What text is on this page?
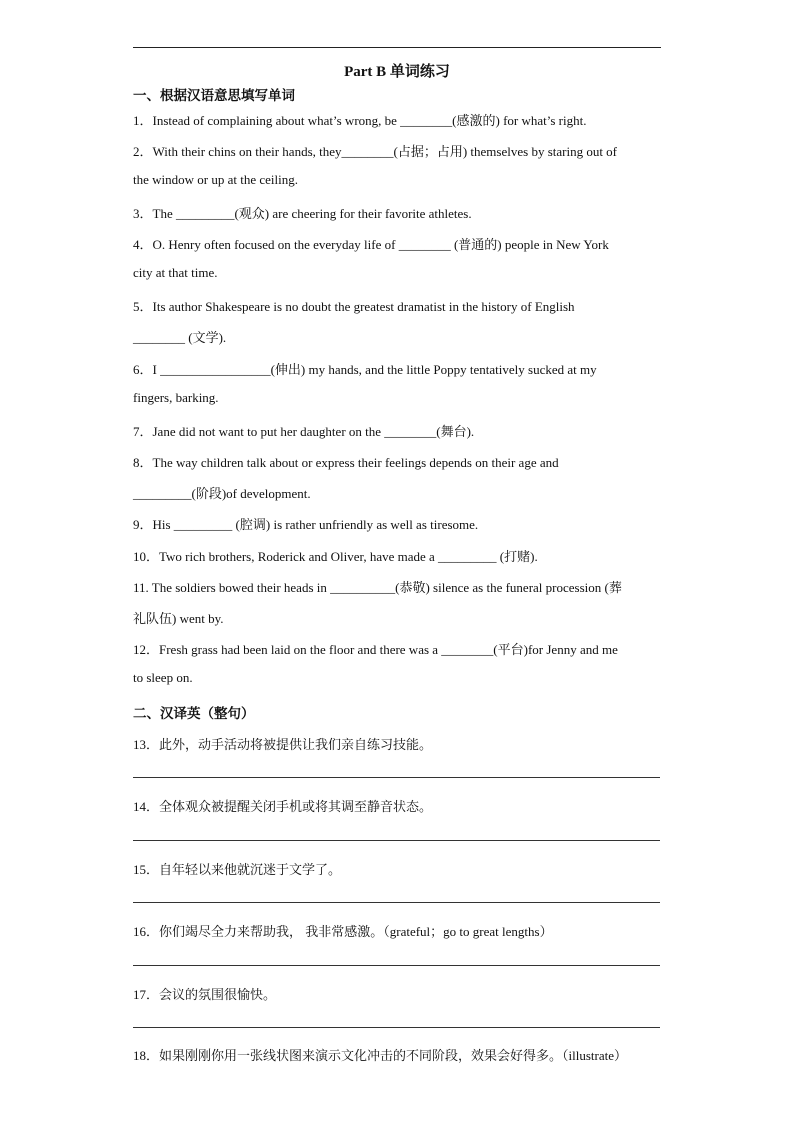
Part B 单词练习
一、根据汉语意思填写单词
1．Instead of complaining about what’s wrong, be ________(感激的) for what’s right.
2．With their chins on their hands, they________(占据；占用) themselves by staring out of
the window or up at the ceiling.
3．The _________(观众) are cheering for their favorite athletes.
4．O. Henry often focused on the everyday life of ________ (普通的) people in New York
city at that time.
5．Its author Shakespeare is no doubt the greatest dramatist in the history of English
________ (文学).
6．I _________________(伸出) my hands, and the little Poppy tentatively sucked at my
fingers, barking.
7．Jane did not want to put her daughter on the ________(舞台).
8．The way children talk about or express their feelings depends on their age and
_________(阶段)of development.
9．His _________ (腔调) is rather unfriendly as well as tiresome.
10．Two rich brothers, Roderick and Oliver, have made a _________ (打赌).
11. The soldiers bowed their heads in __________(恭敬) silence as the funeral procession (葬
礼队伍) went by.
12．Fresh grass had been laid on the floor and there was a ________(平台)for Jenny and me
to sleep on.
二、汉译英（整句）
13．此外，动手活动将被提供让我们亲自练习技能。
14．全体观众被提醒关闭手机或将其调至静音状态。
15．自年轻以来他就沉迷于文学了。
16．你们竭尽全力来帮助我， 我非常感激。（grateful；go to great lengths）
17．会议的氛围很愉快。
18．如果刚刚你用一张线状图来演示文化冲击的不同阶段，效果会好得多。（illustrate）
